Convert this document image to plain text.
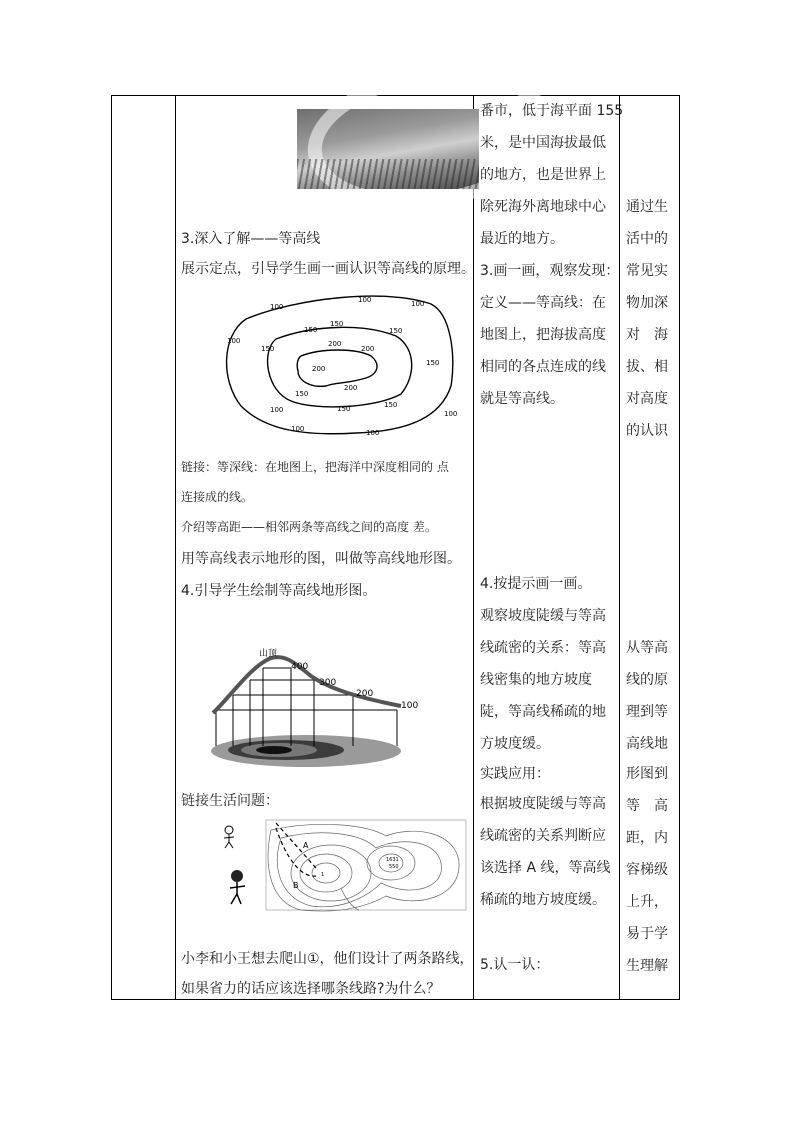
3.深入了解——等高线
展示定点，引导学生画一画认识等高线的原理。
100
100	100
100
150
150
150
150
150
150
200
200
200
200
150	150
100
100	100
100
链接：等深线：在地图上，把海洋中深度相同的 点
连接成的线。
介绍等高距——相邻两条等高线之间的高度 差。
用等高线表示地形的图，叫做等高线地形图。
4.引导学生绘制等高线地形图。
山顶
400
300
200
100
链接生活问题：
1631
550
1
A
B
小李和小王想去爬山①，他们设计了两条路线，
如果省力的话应该选择哪条线路?为什么？
番市，低于海平面 155
米，是中国海拔最低
的地方，也是世界上
除死海外离地球中心
最近的地方。
3.画一画，观察发现：
定义——等高线：在
地图上，把海拔高度
相同的各点连成的线
就是等高线。
4.按提示画一画。
观察坡度陡缓与等高
线疏密的关系：等高
线密集的地方坡度
陡，等高线稀疏的地
方坡度缓。
实践应用：
根据坡度陡缓与等高
线疏密的关系判断应
该选择 A 线，等高线
稀疏的地方坡度缓。
5.认一认：
通过生
活中的
常见实
物加深
对　海
拔、相
对高度
的认识
从等高
线的原
理到等
高线地
形图到
等　高
距，内
容梯级
上升，
易于学
生理解
